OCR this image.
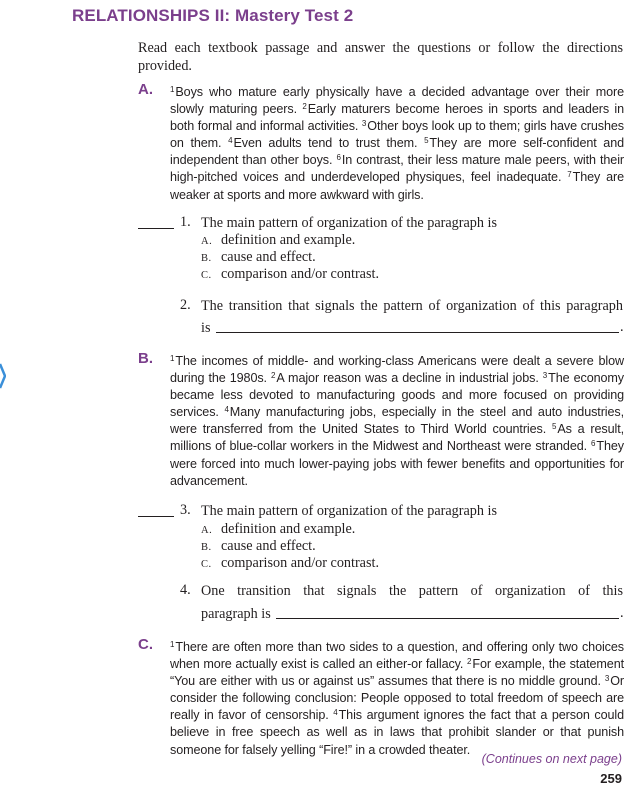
RELATIONSHIPS II: Mastery Test 2
Read each textbook passage and answer the questions or follow the directions provided.
A. $^1$Boys who mature early physically have a decided advantage over their more slowly maturing peers. $^2$Early maturers become heroes in sports and leaders in both formal and informal activities. $^3$Other boys look up to them; girls have crushes on them. $^4$Even adults tend to trust them. $^5$They are more self-confident and independent than other boys. $^6$In contrast, their less mature male peers, with their high-pitched voices and underdeveloped physiques, feel inadequate. $^7$They are weaker at sports and more awkward with girls.
1. The main pattern of organization of the paragraph is
A. definition and example.
B. cause and effect.
C. comparison and/or contrast.
2. The transition that signals the pattern of organization of this paragraph
is	.
B. $^1$The incomes of middle- and working-class Americans were dealt a severe blow during the 1980s. $^2$A major reason was a decline in industrial jobs. $^3$The economy became less devoted to manufacturing goods and more focused on providing services. $^4$Many manufacturing jobs, especially in the steel and auto industries, were transferred from the United States to Third World countries. $^5$As a result, millions of blue-collar workers in the Midwest and Northeast were stranded. $^6$They were forced into much lower-paying jobs with fewer benefits and opportunities for advancement.
3. The main pattern of organization of the paragraph is
A. definition and example.
B. cause and effect.
C. comparison and/or contrast.
4. One transition that signals the pattern of organization of this
paragraph is	.
C. $^1$There are often more than two sides to a question, and offering only two choices when more actually exist is called an either-or fallacy. $^2$For example, the statement “You are either with us or against us” assumes that there is no middle ground. $^3$Or consider the following conclusion: People opposed to total freedom of speech are really in favor of censorship. $^4$This argument ignores the fact that a person could believe in free speech as well as in laws that prohibit slander or that punish someone for falsely yelling “Fire!” in a crowded theater.
(Continues on next page)
259
